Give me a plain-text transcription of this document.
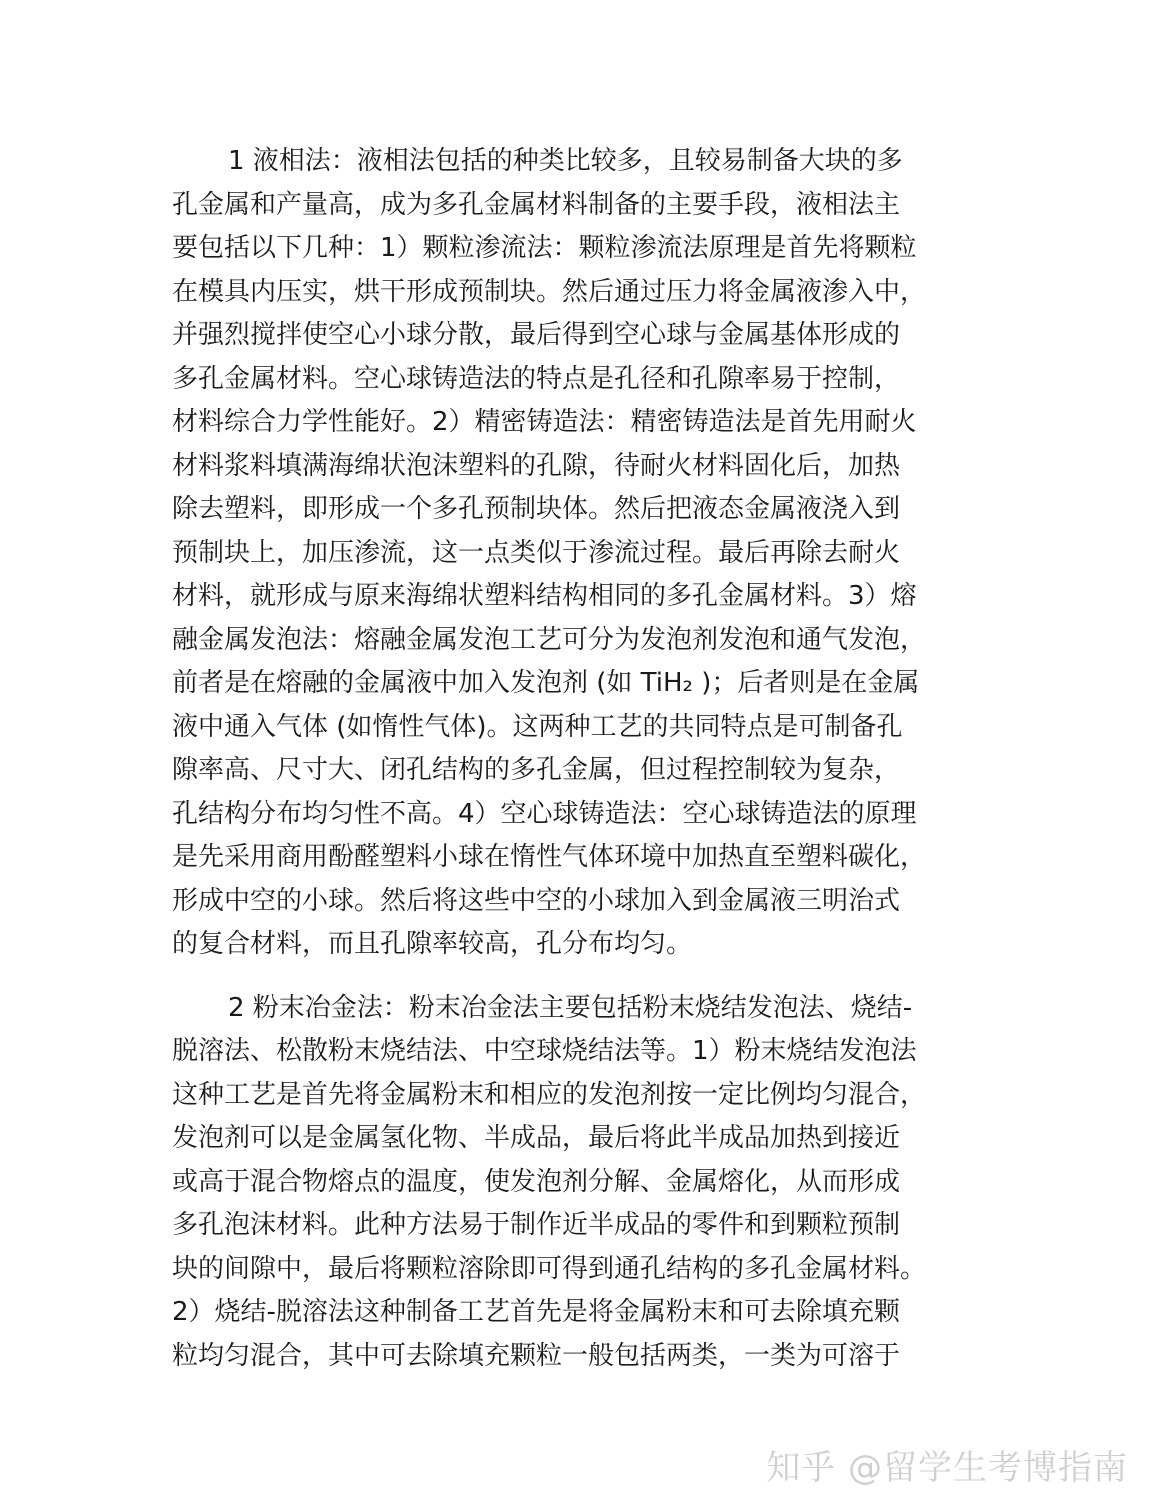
1 液相法：液相法包括的种类比较多，且较易制备大块的多
孔金属和产量高，成为多孔金属材料制备的主要手段，液相法主
要包括以下几种：1）颗粒渗流法：颗粒渗流法原理是首先将颗粒
在模具内压实，烘干形成预制块。然后通过压力将金属液渗入中，
并强烈搅拌使空心小球分散，最后得到空心球与金属基体形成的
多孔金属材料。空心球铸造法的特点是孔径和孔隙率易于控制，
材料综合力学性能好。2）精密铸造法：精密铸造法是首先用耐火
材料浆料填满海绵状泡沫塑料的孔隙，待耐火材料固化后，加热
除去塑料，即形成一个多孔预制块体。然后把液态金属液浇入到
预制块上，加压渗流，这一点类似于渗流过程。最后再除去耐火
材料，就形成与原来海绵状塑料结构相同的多孔金属材料。3）熔
融金属发泡法：熔融金属发泡工艺可分为发泡剂发泡和通气发泡，
前者是在熔融的金属液中加入发泡剂 (如 TiH₂ )；后者则是在金属
液中通入气体 (如惰性气体)。这两种工艺的共同特点是可制备孔
隙率高、尺寸大、闭孔结构的多孔金属，但过程控制较为复杂，
孔结构分布均匀性不高。4）空心球铸造法：空心球铸造法的原理
是先采用商用酚醛塑料小球在惰性气体环境中加热直至塑料碳化，
形成中空的小球。然后将这些中空的小球加入到金属液三明治式
的复合材料，而且孔隙率较高，孔分布均匀。

2 粉末冶金法：粉末冶金法主要包括粉末烧结发泡法、烧结-
脱溶法、松散粉末烧结法、中空球烧结法等。1）粉末烧结发泡法
这种工艺是首先将金属粉末和相应的发泡剂按一定比例均匀混合，
发泡剂可以是金属氢化物、半成品，最后将此半成品加热到接近
或高于混合物熔点的温度，使发泡剂分解、金属熔化，从而形成
多孔泡沫材料。此种方法易于制作近半成品的零件和到颗粒预制
块的间隙中，最后将颗粒溶除即可得到通孔结构的多孔金属材料。
2）烧结-脱溶法这种制备工艺首先是将金属粉末和可去除填充颗
粒均匀混合，其中可去除填充颗粒一般包括两类，一类为可溶于

知乎 @留学生考博指南
